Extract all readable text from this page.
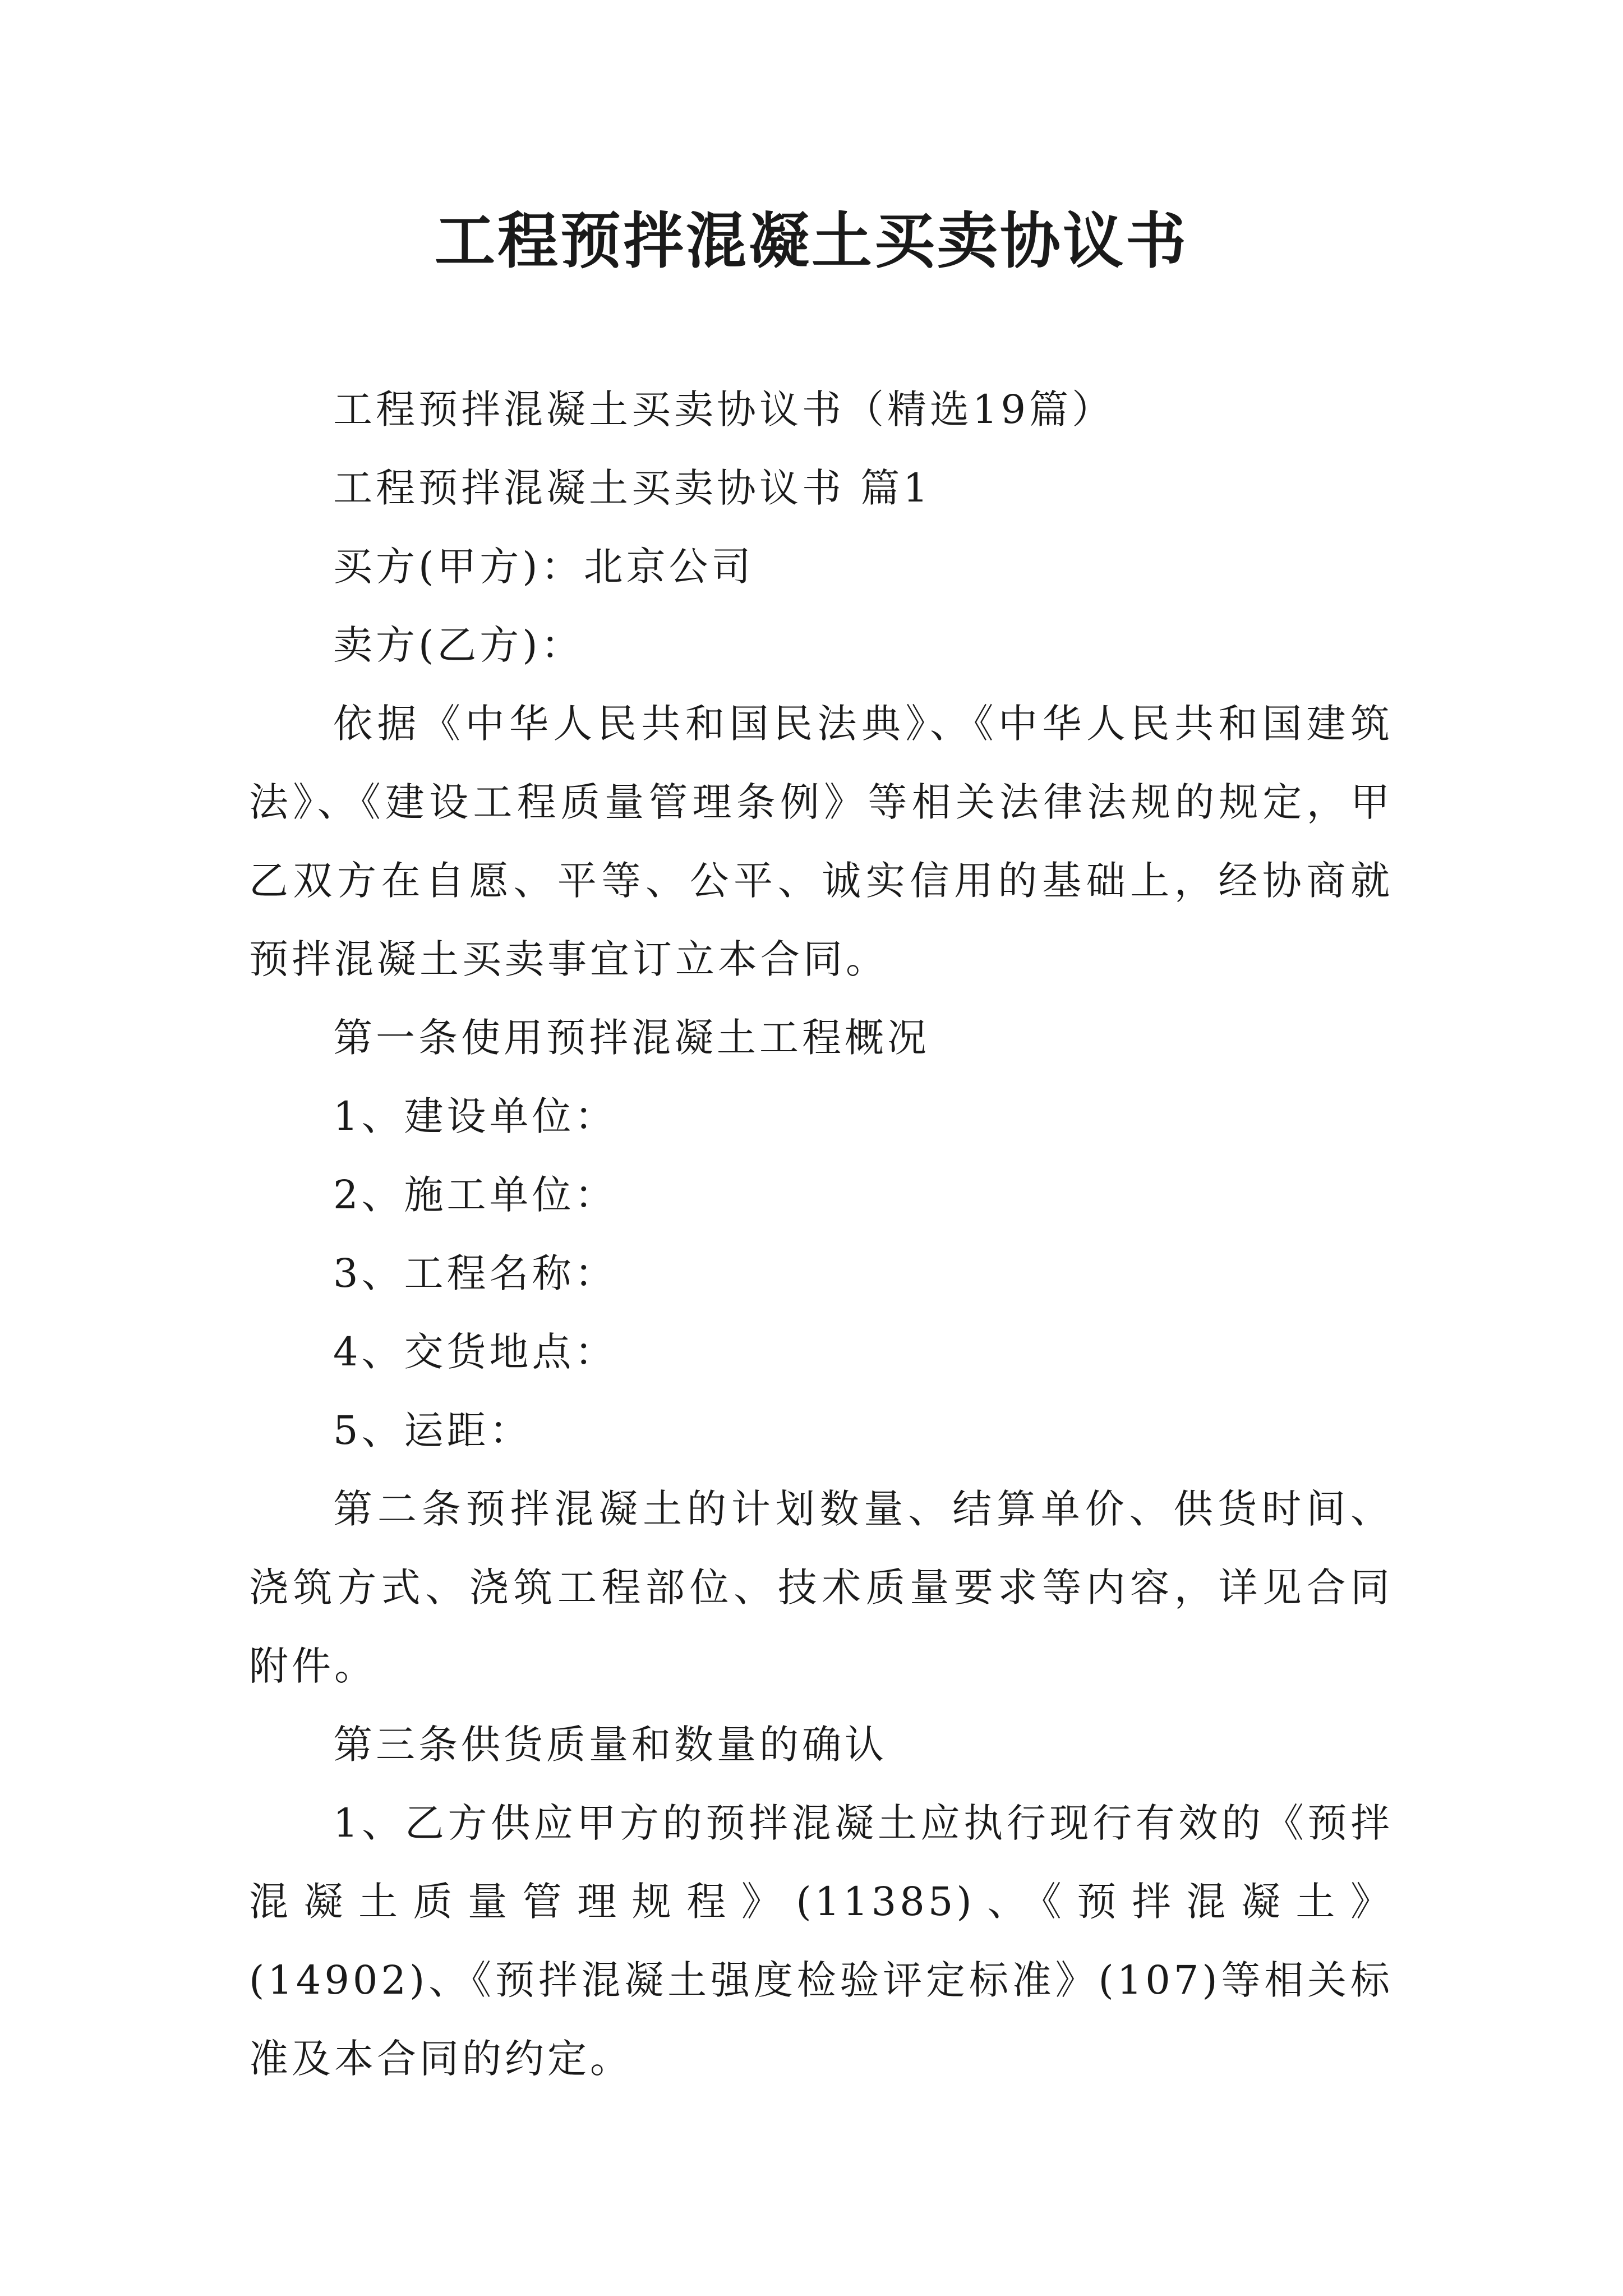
工程预拌混凝土买卖协议书

工程预拌混凝土买卖协议书（精选19篇）

工程预拌混凝土买卖协议书 篇1

买方(甲方)：北京公司

卖方(乙方)：

依据《中华人民共和国民法典》、《中华人民共和国建筑法》、《建设工程质量管理条例》等相关法律法规的规定，甲乙双方在自愿、平等、公平、诚实信用的基础上，经协商就预拌混凝土买卖事宜订立本合同。

第一条使用预拌混凝土工程概况

1、建设单位：

2、施工单位：

3、工程名称：

4、交货地点：

5、运距：

第二条预拌混凝土的计划数量、结算单价、供货时间、浇筑方式、浇筑工程部位、技术质量要求等内容，详见合同附件。

第三条供货质量和数量的确认

1、乙方供应甲方的预拌混凝土应执行现行有效的《预拌混凝土质量管理规程》(11385)、《预拌混凝土》(14902)、《预拌混凝土强度检验评定标准》(107)等相关标准及本合同的约定。
